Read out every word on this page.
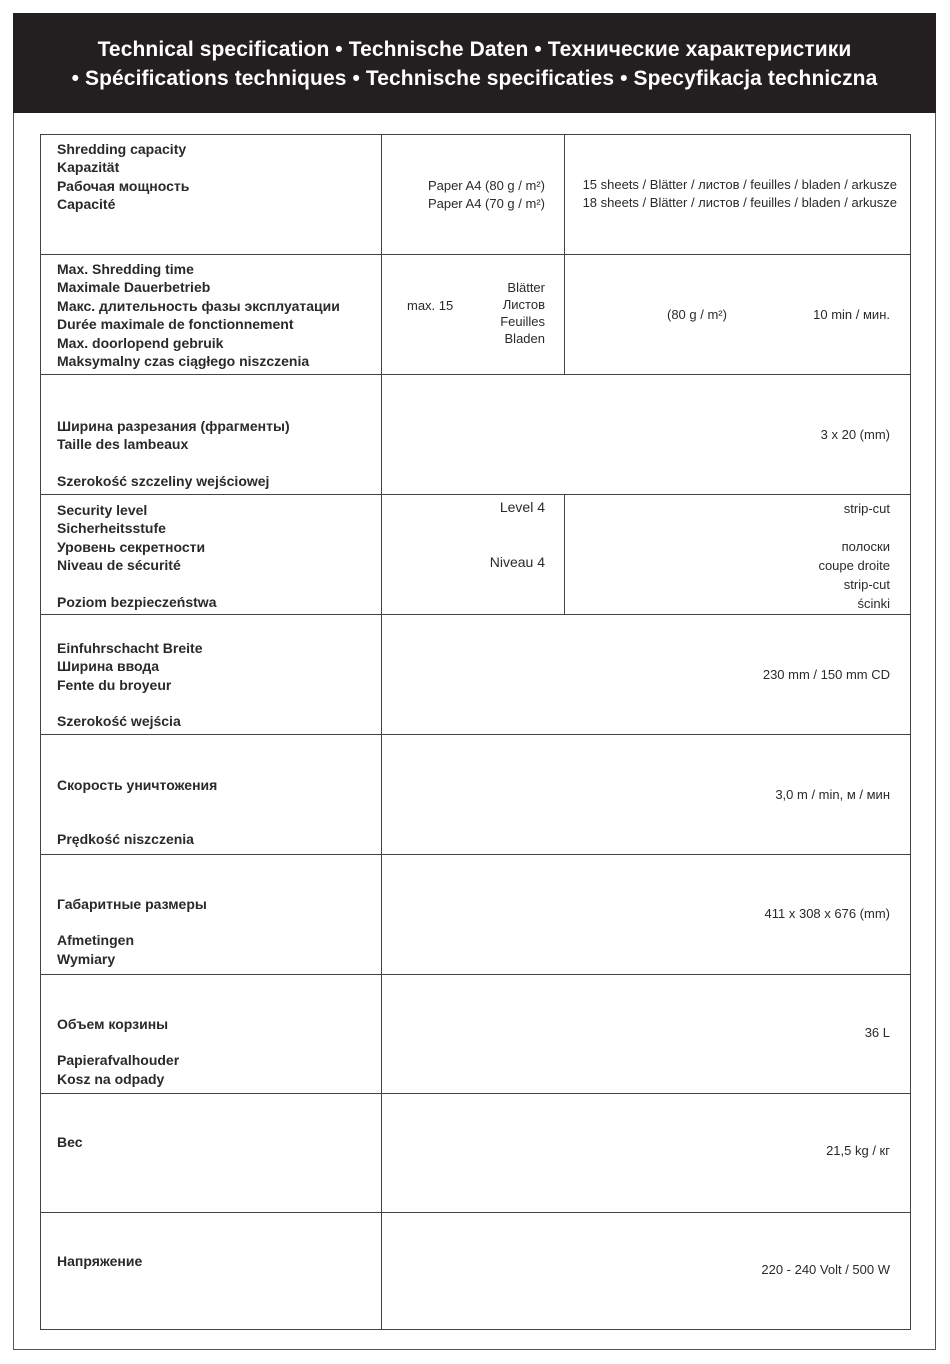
Technical specification • Technische Daten • Технические характеристики
• Spécifications techniques • Technische specificaties • Specyfikacja techniczna
Shredding capacity
Kapazität
Рабочая мощность
Capacité
Paper A4 (80 g / m²)
Paper A4 (70 g / m²)
15 sheets / Blätter / листов / feuilles / bladen / arkusze
18 sheets / Blätter / листов / feuilles / bladen / arkusze
Max. Shredding time
Maximale Dauerbetrieb
Макс. длительность фазы эксплуатации
Durée maximale de fonctionnement
Max. doorlopend gebruik
Maksymalny czas ciągłego niszczenia
max. 15
Blätter
Листов
Feuilles
Bladen
(80 g / m²)	10 min / мин.
Ширина разрезания (фрагменты)
Taille des lambeaux
Szerokość szczeliny wejściowej
3 x 20 (mm)
Security level
Sicherheitsstufe
Уровень секретности
Niveau de sécurité
Poziom bezpieczeństwa
Level 4
Niveau 4
strip-cut
полоски
coupe droite
strip-cut
ścinki
Einfuhrschacht Breite
Ширина ввода
Fente du broyeur
Szerokość wejścia
230 mm / 150 mm CD
Скорость уничтожения
Prędkość niszczenia
3,0 m / min, м / мин
Габаритные размеры
Afmetingen
Wymiary
411 x 308 x 676 (mm)
Объем корзины
Papierafvalhouder
Kosz na odpady
36 L
Вес
21,5 kg / кг
Напряжение
220 - 240 Volt / 500 W
